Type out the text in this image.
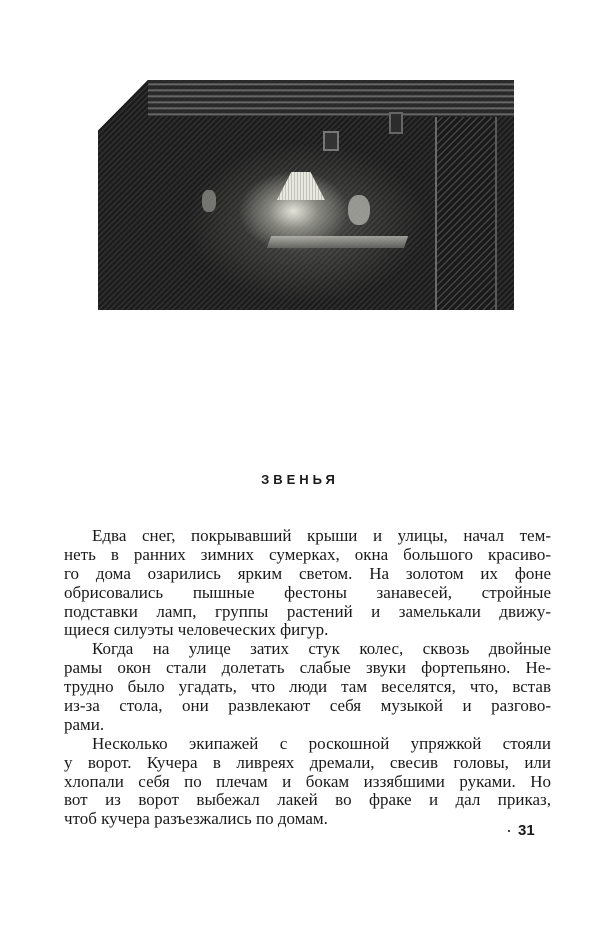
ЗВЕНЬЯ
Едва снег, покрывавший крыши и улицы, начал тем-
неть в ранних зимних сумерках, окна большого красиво-
го дома озарились ярким светом. На золотом их фоне
обрисовались пышные фестоны занавесей, стройные
подставки ламп, группы растений и замелькали движу-
щиеся силуэты человеческих фигур.
Когда на улице затих стук колес, сквозь двойные
рамы окон стали долетать слабые звуки фортепьяно. Не-
трудно было угадать, что люди там веселятся, что, встав
из-за стола, они развлекают себя музыкой и разгово-
рами.
Несколько экипажей с роскошной упряжкой стояли
у ворот. Кучера в ливреях дремали, свесив головы, или
хлопали себя по плечам и бокам иззябшими руками. Но
вот из ворот выбежал лакей во фраке и дал приказ,
чтоб кучера разъезжались по домам.
31
